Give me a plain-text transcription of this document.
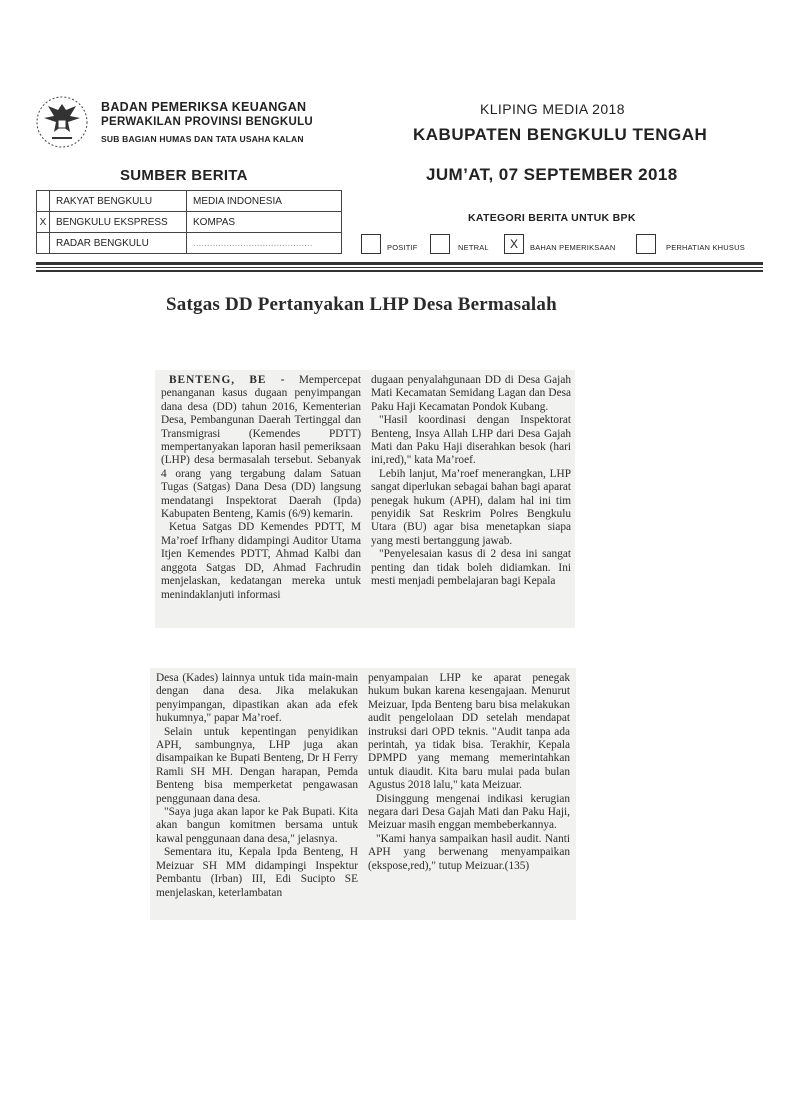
BADAN PEMERIKSA KEUANGAN
PERWAKILAN PROVINSI BENGKULU
SUB BAGIAN HUMAS DAN TATA USAHA KALAN
KLIPING MEDIA 2018
KABUPATEN BENGKULU TENGAH
SUMBER BERITA	JUM’AT, 07 SEPTEMBER 2018
	RAKYAT BENGKULU	MEDIA INDONESIA
X	BENGKULU EKSPRESS	KOMPAS
	RADAR BENGKULU	...........................................
KATEGORI BERITA UNTUK BPK
POSITIF	NETRAL	X	BAHAN PEMERIKSAAN	PERHATIAN KHUSUS
Satgas DD Pertanyakan LHP Desa Bermasalah

BENTENG, BE - Mempercepat penanganan kasus dugaan penyimpangan dana desa (DD) tahun 2016, Kementerian Desa, Pembangunan Daerah Tertinggal dan Transmigrasi (Kemendes PDTT) mempertanyakan laporan hasil pemeriksaan (LHP) desa bermasalah tersebut. Sebanyak 4 orang yang tergabung dalam Satuan Tugas (Satgas) Dana Desa (DD) langsung mendatangi Inspektorat Daerah (Ipda) Kabupaten Benteng, Kamis (6/9) kemarin.

Ketua Satgas DD Kemendes PDTT, M Ma’roef Irfhany didampingi Auditor Utama Itjen Kemendes PDTT, Ahmad Kalbi dan anggota Satgas DD, Ahmad Fachrudin menjelaskan, kedatangan mereka untuk menindaklanjuti informasi

dugaan penyalahgunaan DD di Desa Gajah Mati Kecamatan Semidang Lagan dan Desa Paku Haji Kecamatan Pondok Kubang.

"Hasil koordinasi dengan Inspektorat Benteng, Insya Allah LHP dari Desa Gajah Mati dan Paku Haji diserahkan besok (hari ini,red)," kata Ma’roef.

Lebih lanjut, Ma’roef menerangkan, LHP sangat diperlukan sebagai bahan bagi aparat penegak hukum (APH), dalam hal ini tim penyidik Sat Reskrim Polres Bengkulu Utara (BU) agar bisa menetapkan siapa yang mesti bertanggung jawab.

"Penyelesaian kasus di 2 desa ini sangat penting dan tidak boleh didiamkan. Ini mesti menjadi pembelajaran bagi Kepala

Desa (Kades) lainnya untuk tida main-main dengan dana desa. Jika melakukan penyimpangan, dipastikan akan ada efek hukumnya," papar Ma’roef.

Selain untuk kepentingan penyidikan APH, sambungnya, LHP juga akan disampaikan ke Bupati Benteng, Dr H Ferry Ramli SH MH. Dengan harapan, Pemda Benteng bisa memperketat pengawasan penggunaan dana desa.

"Saya juga akan lapor ke Pak Bupati. Kita akan bangun komitmen bersama untuk kawal penggunaan dana desa," jelasnya.

Sementara itu, Kepala Ipda Benteng, H Meizuar SH MM didampingi Inspektur Pembantu (Irban) III, Edi Sucipto SE menjelaskan, keterlambatan

penyampaian LHP ke aparat penegak hukum bukan karena kesengajaan. Menurut Meizuar, Ipda Benteng baru bisa melakukan audit pengelolaan DD setelah mendapat instruksi dari OPD teknis. "Audit tanpa ada perintah, ya tidak bisa. Terakhir, Kepala DPMPD yang memang memerintahkan untuk diaudit. Kita baru mulai pada bulan Agustus 2018 lalu," kata Meizuar.

Disinggung mengenai indikasi kerugian negara dari Desa Gajah Mati dan Paku Haji, Meizuar masih enggan membeberkannya.

"Kami hanya sampaikan hasil audit. Nanti APH yang berwenang menyampaikan (ekspose,red)," tutup Meizuar.(135)
